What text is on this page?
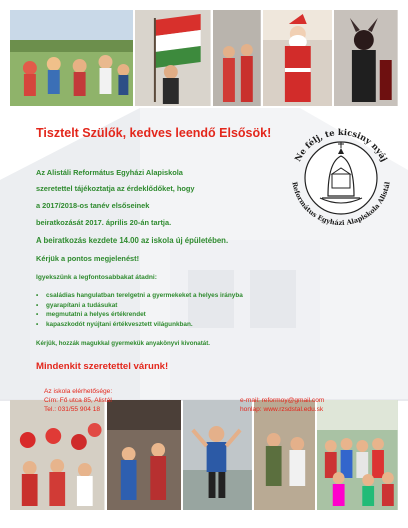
Tisztelt Szülők, kedves leendő Elsősök!

Az Alistáli Református Egyházi Alapiskola

szeretettel tájékoztatja az érdeklődőket, hogy

a 2017/2018-os tanév elsőseinek

beiratkozását 2017. április 20-án tartja.

A beiratkozás kezdete 14.00 az iskola új épületében.

Kérjük a pontos megjelenést!

Igyekszünk a legfontosabbakat átadni:

• családias hangulatban terelgetni a gyermekeket a helyes irányba
• gyarapítani a tudásukat
• megmutatni a helyes értékrendet
• kapaszkodót nyújtani értékvesztett világunkban.

Kérjük, hozzák magukkal gyermekük anyakönyvi kivonatát.

Mindenkit szeretettel várunk!

Az iskola elérhetősége:
Cím: Fő utca 85, Alistál
Tel.: 031/55 904 18
e-mail: reformoy@gmail.com
honlap: www.rzsdstal.edu.sk
Ne félj, te kicsiny nyáj
Református Egyházi Alapiskola Alistál
